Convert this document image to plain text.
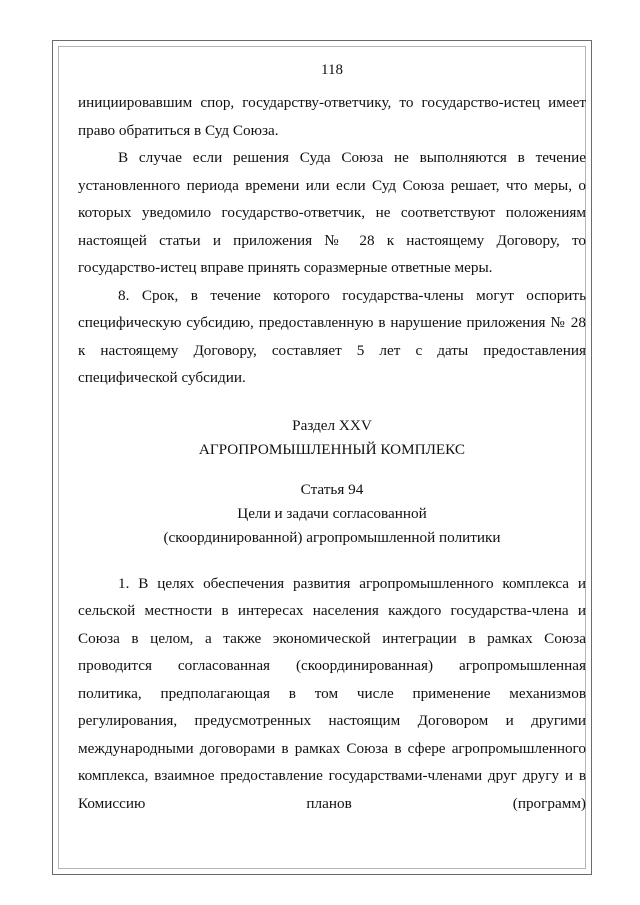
118

инициировавшим спор, государству-ответчику, то государство-истец имеет право обратиться в Суд Союза.

В случае если решения Суда Союза не выполняются в течение установленного периода времени или если Суд Союза решает, что меры, о которых уведомило государство-ответчик, не соответствуют положениям настоящей статьи и приложения № 28 к настоящему Договору, то государство-истец вправе принять соразмерные ответные меры.

8. Срок, в течение которого государства-члены могут оспорить специфическую субсидию, предоставленную в нарушение приложения № 28 к настоящему Договору, составляет 5 лет с даты предоставления специфической субсидии.

Раздел XXV
АГРОПРОМЫШЛЕННЫЙ КОМПЛЕКС
Статья 94
Цели и задачи согласованной
(скоординированной) агропромышленной политики

1. В целях обеспечения развития агропромышленного комплекса и сельской местности в интересах населения каждого государства-члена и Союза в целом, а также экономической интеграции в рамках Союза проводится согласованная (скоординированная) агропромышленная политика, предполагающая в том числе применение механизмов регулирования, предусмотренных настоящим Договором и другими международными договорами в рамках Союза в сфере агропромышленного комплекса, взаимное предоставление государствами-членами друг другу и в Комиссию планов (программ)
